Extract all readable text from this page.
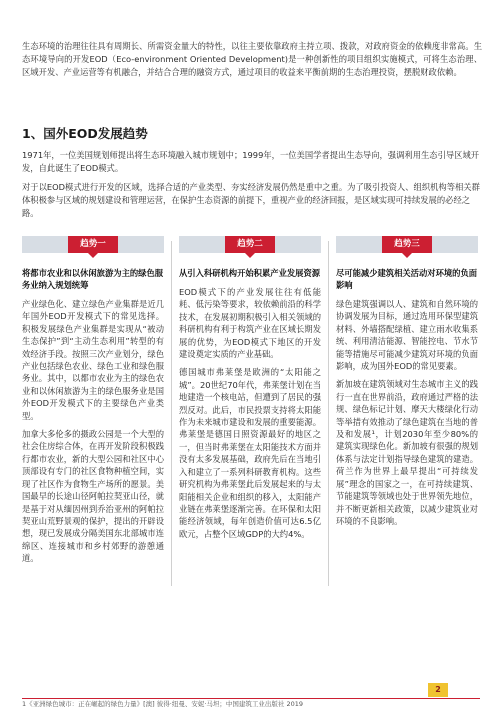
生态环境的治理往往具有周期长、所需资金量大的特性，以往主要依靠政府主持立项、拨款，对政府资金的依赖度非常高。生态环境导向的开发EOD（Eco-environment Oriented Development)是一种创新性的项目组织实施模式，可将生态治理、区域开发、产业运营等有机融合，并结合合理的融资方式，通过项目的收益来平衡前期的生态治理投资，摆脱财政依赖。

1、国外EOD发展趋势

1971年，一位美国规划师提出将生态环境融入城市规划中；1999年，一位美国学者提出生态导向，强调利用生态引导区域开发，自此诞生了EOD模式。

对于以EOD模式进行开发的区域，选择合适的产业类型、夯实经济发展仍然是重中之重。为了吸引投资人、组织机构等相关群体积极参与区域的规划建设和管理运营，在保护生态资源的前提下，重视产业的经济回报，是区域实现可持续发展的必经之路。

趋势一

将都市农业和以休闲旅游为主的绿色服务业纳入规划统筹

产业绿色化、建立绿色产业集群是近几年国外EOD开发模式下的常见选择。积极发展绿色产业集群是实现从“被动生态保护”到“主动生态利用”转型的有效经济手段。按照三次产业划分，绿色产业包括绿色农业、绿色工业和绿色服务业。其中，以都市农业为主的绿色农业和以休闲旅游为主的绿色服务业是国外EOD开发模式下的主要绿色产业类型。

加拿大多伦多的摄政公园是一个大型的社会住房综合体，在再开发阶段积极践行都市农业，新的大型公园和社区中心顶部设有专门的社区食物种植空间，实现了社区作为食物生产场所的愿景。美国最早的长途山径阿帕拉契亚山径，就是基于对从缅因州到乔治亚州的阿帕拉契亚山荒野景观的保护，提出的开辟设想，现已发展成分隔美国东北部城市连绵区、连接城市和乡村郊野的游憩通道。

趋势二

从引入科研机构开始积累产业发展资源

EOD模式下的产业发展往往有低能耗、低污染等要求，较依赖前沿的科学技术，在发展初期积极引入相关领域的科研机构有利于构筑产业在区域长期发展的优势，为EOD模式下地区的开发建设奠定实质的产业基础。

德国城市弗莱堡是欧洲的“太阳能之城”。20世纪70年代，弗莱堡计划在当地建造一个核电站，但遭到了居民的强烈反对。此后，市民投票支持将太阳能作为未来城市建设和发展的重要能源。弗莱堡是德国日照资源最好的地区之一，但当时弗莱堡在太阳能技术方面并没有太多发展基础，政府先后在当地引入和建立了一系列科研教育机构。这些研究机构为弗莱堡此后发展起来的与太阳能相关企业和组织的移入，太阳能产业链在弗莱堡逐渐完善。在环保和太阳能经济领域，每年创造价值可达6.5亿欧元，占整个区域GDP的大约4%。

趋势三

尽可能减少建筑相关活动对环境的负面影响

绿色建筑强调以人、建筑和自然环境的协调发展为目标，通过选用环保型建筑材料、外墙搭配绿植、建立雨水收集系统、利用清洁能源、智能控电、节水节能等措施尽可能减少建筑对环境的负面影响，成为国外EOD的常见要素。

新加坡在建筑领域对生态城市主义的践行一直在世界前沿，政府通过严格的法规、绿色标记计划、摩天大楼绿化行动等举措有效推动了绿色建筑在当地的普及和发展¹，计划2030年至少80%的建筑实现绿色化。新加坡有很强的规划体系与法定计划指导绿色建筑的建造。荷兰作为世界上最早提出“可持续发展”理念的国家之一，在可持续建筑、节能建筑等领域也处于世界领先地位，并不断更新相关政策，以减少建筑业对环境的不良影响。

2

1《亚洲绿色城市：正在崛起的绿色力量》[澳] 彼得·纽曼、安妮·马坦；中国建筑工业出版社 2019
